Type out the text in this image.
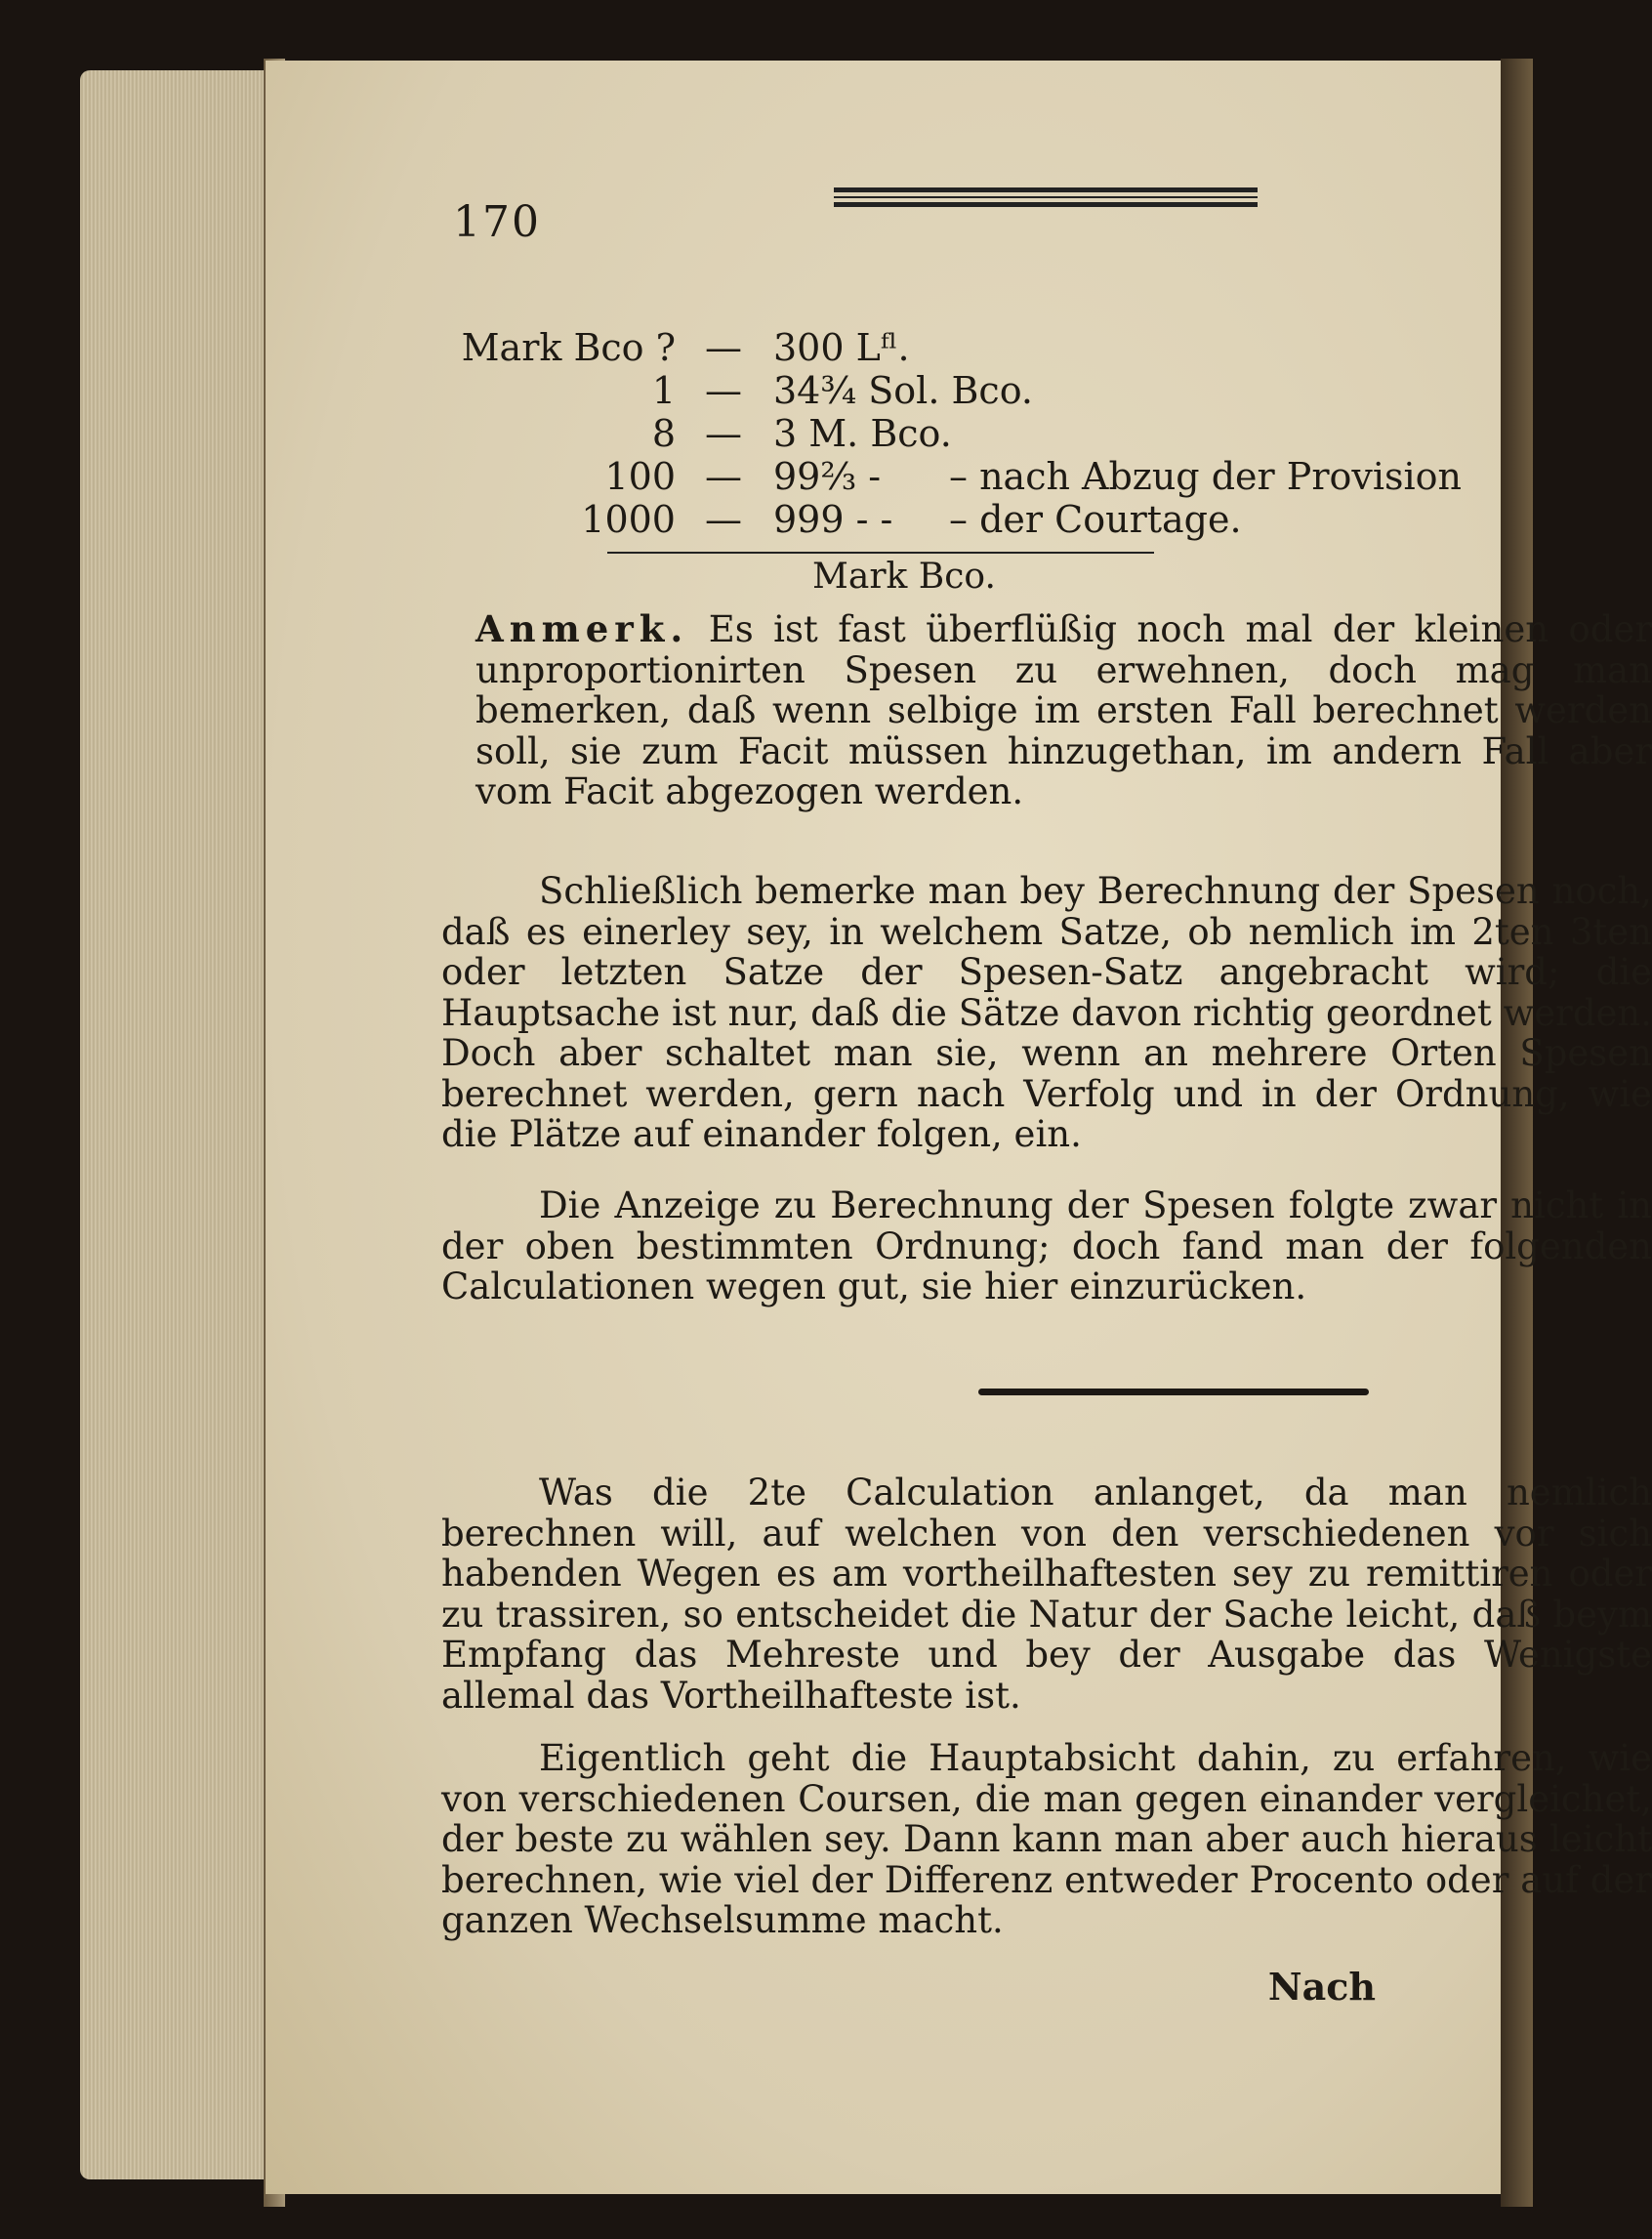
170
Mark Bco ? — 300 Lᶠˡ.
1 — 34¾ Sol. Bco.
8 — 3 M. Bco.
100 — 99⅔ - – nach Abzug der Provision
1000 — 999 - - – der Courtage.
Mark Bco.
Anmerk. Es ist fast überflüßig noch mal der kleinen oder unproportionirten Spesen zu erwehnen, doch mag man bemerken, daß wenn selbige im ersten Fall berechnet werden soll, sie zum Facit müssen hinzugethan, im andern Fall aber vom Facit abgezogen werden.
Schließlich bemerke man bey Berechnung der Spesen noch, daß es einerley sey, in welchem Satze, ob nemlich im 2ten 3ten oder letzten Satze der Spesen-Satz angebracht wird; die Hauptsache ist nur, daß die Sätze davon richtig geordnet werden. Doch aber schaltet man sie, wenn an mehrere Orten Spesen berechnet werden, gern nach Verfolg und in der Ordnung, wie die Plätze auf einander folgen, ein.
Die Anzeige zu Berechnung der Spesen folgte zwar nicht in der oben bestimmten Ordnung; doch fand man der folgenden Calculationen wegen gut, sie hier einzurücken.
Was die 2te Calculation anlanget, da man nemlich berechnen will, auf welchen von den verschiedenen vor sich habenden Wegen es am vortheilhaftesten sey zu remittiren oder zu trassiren, so entscheidet die Natur der Sache leicht, daß beym Empfang das Mehreste und bey der Ausgabe das Wenigste allemal das Vortheilhafteste ist.
Eigentlich geht die Hauptabsicht dahin, zu erfahren, wie von verschiedenen Coursen, die man gegen einander vergleichet, der beste zu wählen sey. Dann kann man aber auch hieraus leicht berechnen, wie viel der Differenz entweder Procento oder auf der ganzen Wechselsumme macht.
Nach
